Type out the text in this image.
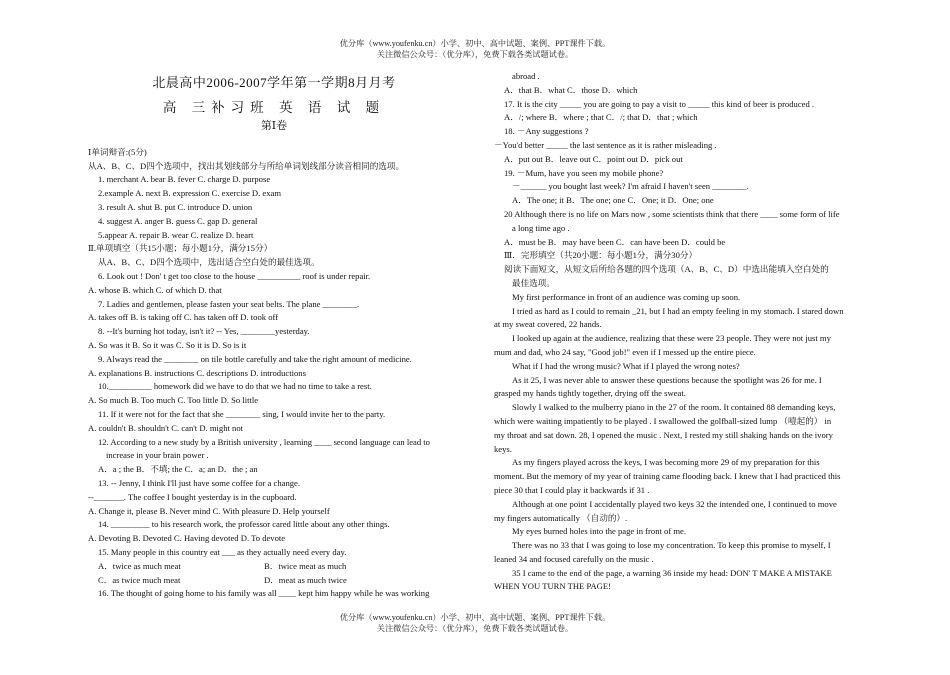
优分库（www.youfenku.cn）小学、初中、高中试题、案例、PPT课件下载。
关注微信公众号：（优分库），免费下载各类试题试卷。
北晨高中2006-2007学年第一学期8月月考
高 三补习班 英 语 试 题
第Ⅰ卷
Ⅰ单词辩音:(5分)
从A、B、C、D四个选项中，找出其划线部分与所给单词划线部分读音相同的选项。
1. merchant A. bear B. fever C. charge D. purpose
2.example A. next B. expression C. exercise D. exam
3. result A. shut B. put C. introduce D. union
4. suggest A. anger B. guess C. gap D. general
5.appear A. repair B. wear C. realize D. heart
Ⅱ.单项填空（共15小题；每小题1分，满分15分）
从A、B、C、D四个选项中，选出适合空白处的最佳选项。
6. Look out ! Don' t get too close to the house __________ roof is under repair.
A. whose B. which C. of which D. that
7. Ladies and gentlemen, please fasten your seat belts. The plane ________.
A. takes off B. is taking off C. has taken off D. took off
8. --It's burning hot today, isn't it? -- Yes, ________yesterday.
A. So was it B. So it was C. So it is D. So is it
9. Always read the ________ on tile bottle carefully and take the right amount of medicine.
A. explanations B. instructions C. descriptions D. introductions
10.__________ homework did we have to do that we had no time to take a rest.
A. So much B. Too much C. Too little D. So little
11. If it were not for the fact that she ________ sing, I would invite her to the party.
A. couldn't B. shouldn't C. can't D. might not
12. According to a new study by a British university , learning ____ second language can lead to
increase in your brain power .
A．a ; the B．不填; the C．a; an D．the ; an
13. -- Jenny, I think I'll just have some coffee for a change.
--_______. The coffee I bought yesterday is in the cupboard.
A. Change it, please B. Never mind C. With pleasure D. Help yourself
14. _________ to his research work, the professor cared little about any other things.
A. Devoting B. Devoted C. Having devoted D. To devote
15. Many people in this country eat ___ as they actually need every day.
A．twice as much meat	B．twice meat as much
C．as twice much meat	D．meat as much twice
16. The thought of going home to his family was all ____ kept him happy while he was working
abroad .
A．that B．what C．those D．which
17. It is the city _____ you are going to pay a visit to _____ this kind of beer is produced .
A．/; where B．where ; that C．/; that D．that ; which
18. －Any suggestions ?
－You'd better _____ the last sentence as it is rather misleading .
A．put out B．leave out C．point out D．pick out
19. －Mum, have you seen my mobile phone?
－______ you bought last week? I'm afraid I haven't seen ________.
A．The one; it B．The one; one C．One; it D．One; one
20 Although there is no life on Mars now , some scientists think that there ____ some form of life
a long time ago .
A．must be B．may have been C．can have been D．could be
Ⅲ．完形填空（共20小题：每小题1分，满分30分）
阅读下面短文，从短文后所给各题的四个选项（A、B、C、D）中选出能填入空白处的
最佳选项。
My first performance in front of an audience was coming up soon.
I tried as hard as I could to remain _21, but I had an empty feeling in my stomach. I stared down
at my sweat covered, 22 hands.
I looked up again at the audience, realizing that these were 23 people. They were not just my
mum and dad, who 24 say, "Good job!" even if I messed up the entire piece.
What if I had the wrong music? What if I played the wrong notes?
As it 25, I was never able to answer these questions because the spotlight was 26 for me. I
grasped my hands tightly together, drying off the sweat.
Slowly I walked to the mulberry piano in the 27 of the room. It contained 88 demanding keys,
which were waiting impatiently to be played . I swallowed the golfball-sized lump （噎起的） in
my throat and sat down. 28, I opened the music . Next, I rested my still shaking hands on the ivory
keys.
As my fingers played across the keys, I was becoming more 29 of my preparation for this
moment. But the memory of my year of training came flooding back. I knew that I had practiced this
piece 30 that I could play it backwards if 31 .
Although at one point I accidentally played two keys 32 the intended one, I continued to move
my fingers automatically （自动的）.
My eyes burned holes into the page in front of me.
There was no 33 that I was going to lose my concentration. To keep this promise to myself, I
leaned 34 and focused carefully on the music .
35 I came to the end of the page, a warning 36 inside my head: DON' T MAKE A MISTAKE
WHEN YOU TURN THE PAGE!
优分库（www.youfenku.cn）小学、初中、高中试题、案例、PPT课件下载。
关注微信公众号：（优分库），免费下载各类试题试卷。
